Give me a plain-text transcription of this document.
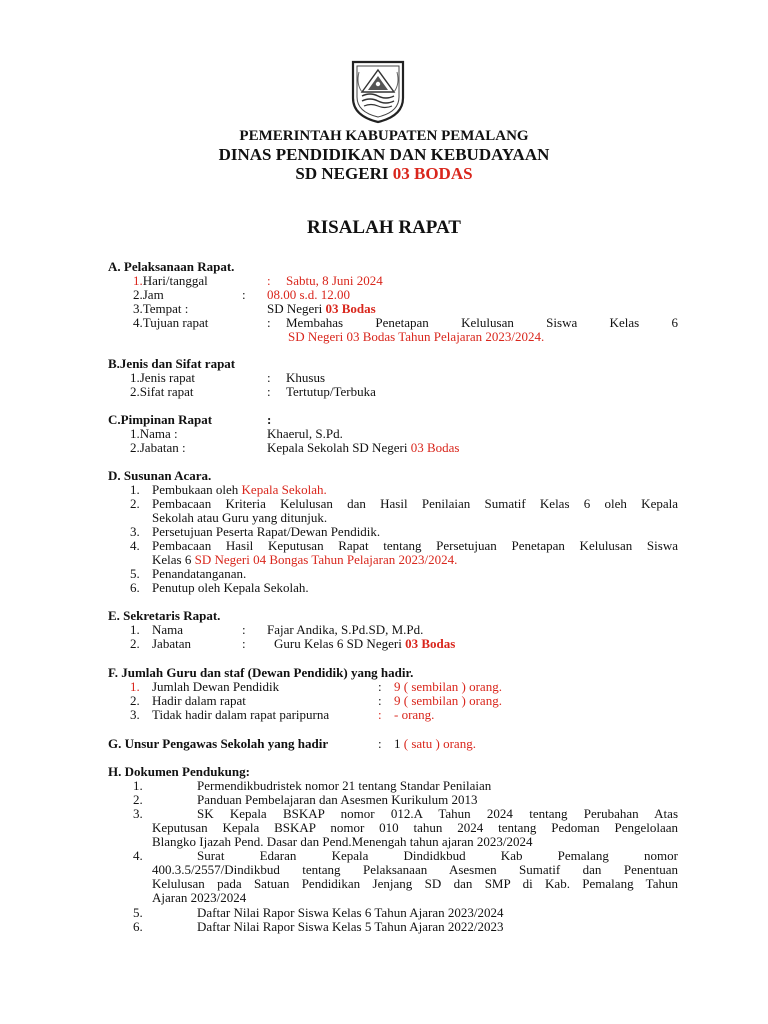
PEMERINTAH KABUPATEN PEMALANG
DINAS PENDIDIKAN DAN KEBUDAYAAN
SD NEGERI 03 BODAS
RISALAH RAPAT
A. Pelaksanaan Rapat.
1.Hari/tanggal	: Sabtu, 8 Juni 2024
2.Jam	: 08.00 s.d. 12.00
3.Tempat :	SD Negeri 03 Bodas
4.Tujuan rapat	: Membahas Penetapan Kelulusan Siswa Kelas 6
SD Negeri 03 Bodas Tahun Pelajaran 2023/2024.
B.Jenis dan Sifat rapat
1.Jenis rapat	: Khusus
2.Sifat rapat	: Tertutup/Terbuka
C.Pimpinan Rapat	:
1.Nama :	Khaerul, S.Pd.
2.Jabatan :	Kepala Sekolah SD Negeri 03 Bodas
D. Susunan Acara.
1. Pembukaan oleh Kepala Sekolah.
2. Pembacaan Kriteria Kelulusan dan Hasil Penilaian Sumatif Kelas 6 oleh Kepala
Sekolah atau Guru yang ditunjuk.
3. Persetujuan Peserta Rapat/Dewan Pendidik.
4. Pembacaan Hasil Keputusan Rapat tentang Persetujuan Penetapan Kelulusan Siswa
Kelas 6 SD Negeri 04 Bongas Tahun Pelajaran 2023/2024.
5. Penandatanganan.
6. Penutup oleh Kepala Sekolah.
E. Sekretaris Rapat.
1. Nama	: Fajar Andika, S.Pd.SD, M.Pd.
2. Jabatan	: Guru Kelas 6 SD Negeri 03 Bodas
F. Jumlah Guru dan staf (Dewan Pendidik) yang hadir.
1. Jumlah Dewan Pendidik	: 9 ( sembilan ) orang.
2. Hadir dalam rapat	: 9 ( sembilan ) orang.
3. Tidak hadir dalam rapat paripurna	: - orang.
G. Unsur Pengawas Sekolah yang hadir	: 1 ( satu ) orang.
H. Dokumen Pendukung:
1.	Permendikbudristek nomor 21 tentang Standar Penilaian
2.	Panduan Pembelajaran dan Asesmen Kurikulum 2013
3.	SK Kepala BSKAP nomor 012.A Tahun 2024 tentang Perubahan Atas
Keputusan Kepala BSKAP nomor 010 tahun 2024 tentang Pedoman Pengelolaan
Blangko Ijazah Pend. Dasar dan Pend.Menengah tahun ajaran 2023/2024
4.	Surat Edaran Kepala Dindidkbud Kab Pemalang nomor
400.3.5/2557/Dindikbud tentang Pelaksanaan Asesmen Sumatif dan Penentuan
Kelulusan pada Satuan Pendidikan Jenjang SD dan SMP di Kab. Pemalang Tahun
Ajaran 2023/2024
5.	Daftar Nilai Rapor Siswa Kelas 6 Tahun Ajaran 2023/2024
6.	Daftar Nilai Rapor Siswa Kelas 5 Tahun Ajaran 2022/2023
